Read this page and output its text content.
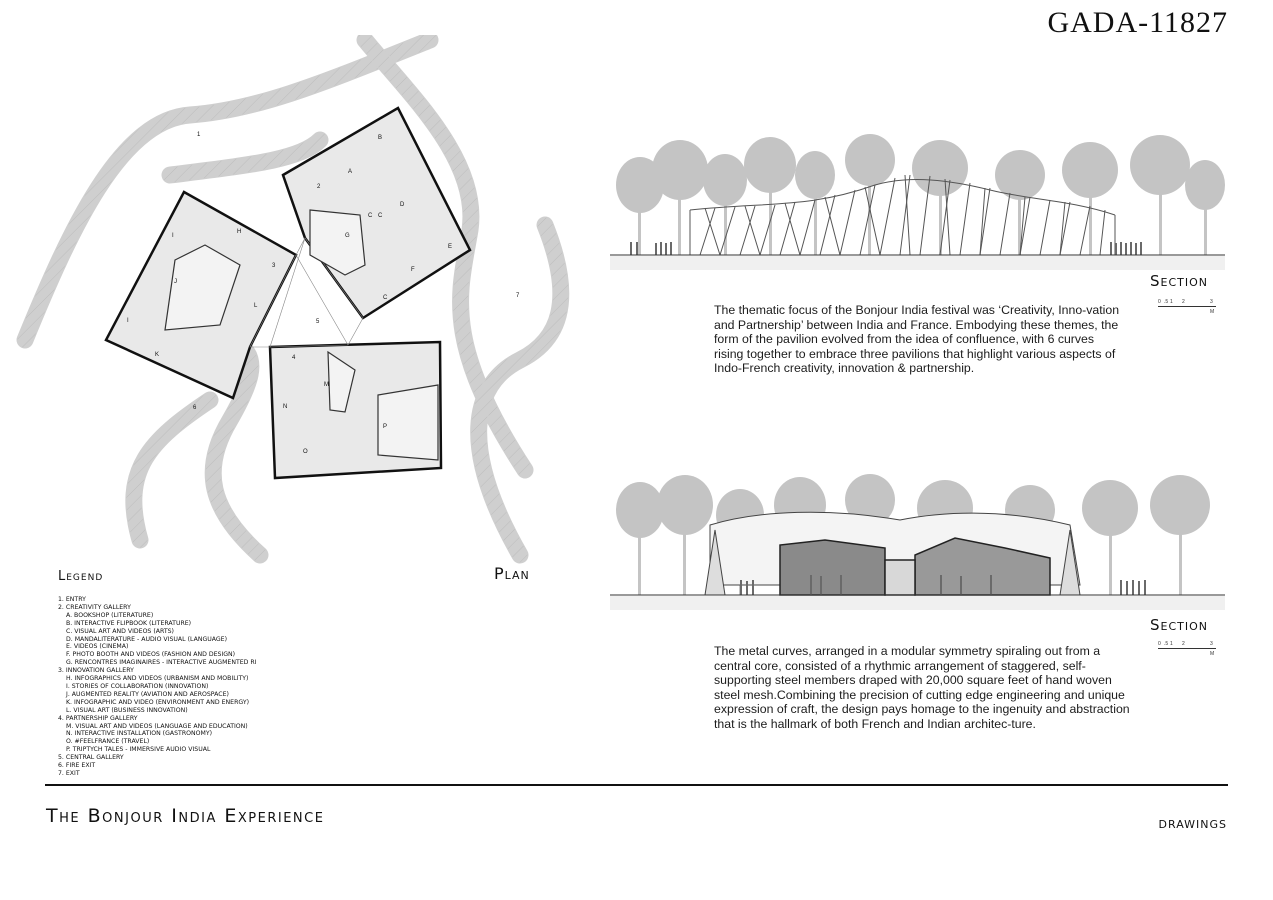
GADA-11827
1
A
B
2
C
C
D
G
E
F
C
H
I
3
J
L
I
K
5
4
M
N
P
O
6
7
Plan
Legend
1. ENTRY
2. CREATIVITY GALLERY
A. BOOKSHOP (LITERATURE)
B. INTERACTIVE FLIPBOOK (LITERATURE)
C. VISUAL ART AND VIDEOS (ARTS)
D. MANDALITERATURE - AUDIO VISUAL (LANGUAGE)
E. VIDEOS (CINEMA)
F. PHOTO BOOTH AND VIDEOS (FASHION AND DESIGN)
G. RENCONTRES IMAGINAIRES - INTERACTIVE AUGMENTED RI
3. INNOVATION GALLERY
H. INFOGRAPHICS AND VIDEOS (URBANISM AND MOBILITY)
I. STORIES OF COLLABORATION (INNOVATION)
J. AUGMENTED REALITY (AVIATION AND AEROSPACE)
K. INFOGRAPHIC AND VIDEO (ENVIRONMENT AND ENERGY)
L. VISUAL ART (BUSINESS INNOVATION)
4. PARTNERSHIP GALLERY
M. VISUAL ART AND VIDEOS (LANGUAGE AND EDUCATION)
N. INTERACTIVE INSTALLATION (GASTRONOMY)
O. #FEELFRANCE (TRAVEL)
P. TRIPTYCH TALES - IMMERSIVE AUDIO VISUAL
5. CENTRAL GALLERY
6. FIRE EXIT
7. EXIT
Section
0 .5 1 2	3
M
The thematic focus of the Bonjour India festival was ‘Creativity, Inno-vation and Partnership’ between India and France. Embodying these themes, the form of the pavilion evolved from the idea of confluence, with 6 curves rising together to embrace three pavilions that highlight various aspects of Indo-French creativity, innovation & partnership.
Section
0 .5 1 2	3
M
The metal curves, arranged in a modular symmetry spiraling out from a central core, consisted of a rhythmic arrangement of staggered, self-supporting steel members draped with 20,000 square feet of hand woven steel mesh.Combining the precision of cutting edge engineering and unique expression of craft, the design pays homage to the ingenuity and abstraction that is the hallmark of both French and Indian architec-ture.
The Bonjour India Experience	drawings
